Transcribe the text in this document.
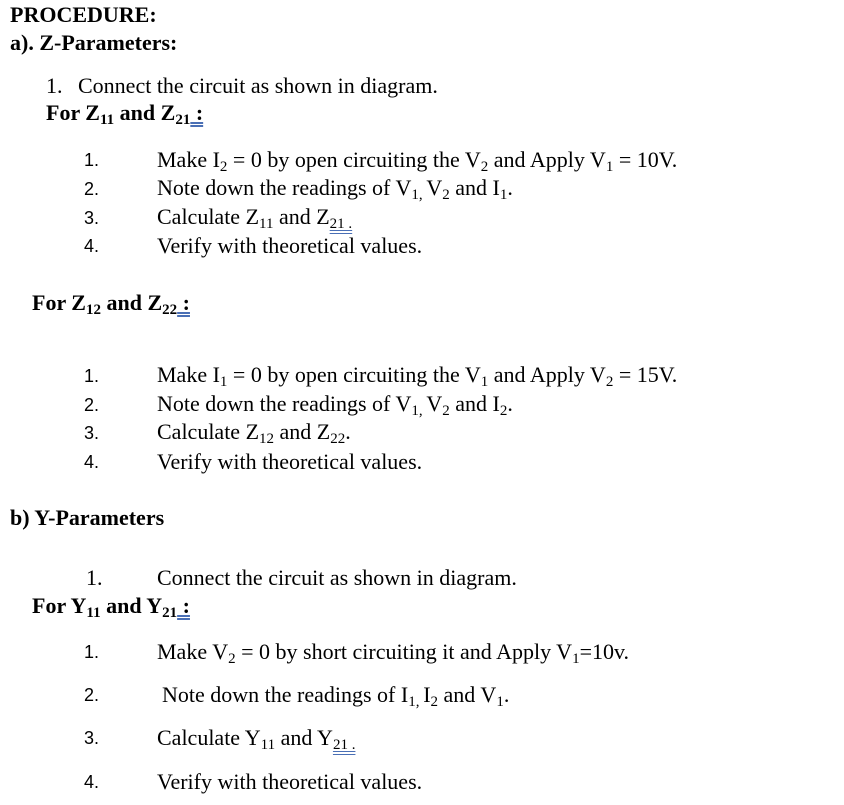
PROCEDURE:
a). Z-Parameters:
1. Connect the circuit as shown in diagram.
For $Z_{11}$ and $Z_{21}$ :
1.
2.
3.
4.
Make $I_2 = 0$ by open circuiting the $V_2$ and Apply $V_1 = 10V$.
Note down the readings of $V_{1,}$ $V_2$ and $I_1$.
Calculate $Z_{11}$ and $Z_{21 .}$
Verify with theoretical values.
For $Z_{12}$ and $Z_{22}$ :
1.
2.
3.
4.
Make $I_1 = 0$ by open circuiting the $V_1$ and Apply $V_2 = 15V$.
Note down the readings of $V_{1,}$ $V_2$ and $I_2$.
Calculate $Z_{12}$ and $Z_{22}$.
Verify with theoretical values.
b) Y-Parameters
1. Connect the circuit as shown in diagram.
For $Y_{11}$ and $Y_{21}$ :
1.
2.
3.
4.
Make $V_2 = 0$ by short circuiting it and Apply $V_1=10v$.
Note down the readings of $I_{1,}$ $I_2$ and $V_1$.
Calculate $Y_{11}$ and $Y_{21 .}$
Verify with theoretical values.
